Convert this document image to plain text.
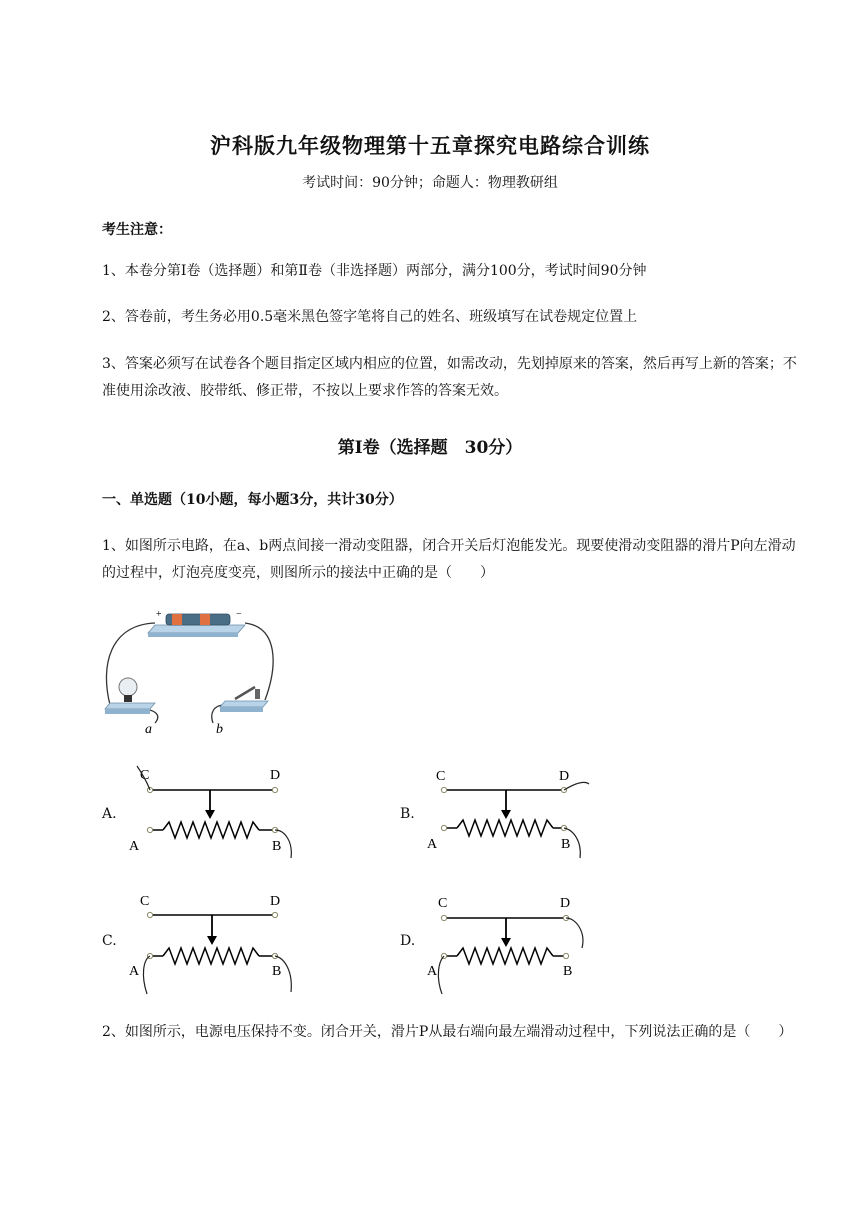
沪科版九年级物理第十五章探究电路综合训练
考试时间：90分钟；命题人：物理教研组
考生注意：
1、本卷分第Ⅰ卷（选择题）和第Ⅱ卷（非选择题）两部分，满分100分，考试时间90分钟
2、答卷前，考生务必用0.5毫米黑色签字笔将自己的姓名、班级填写在试卷规定位置上
3、答案必须写在试卷各个题目指定区域内相应的位置，如需改动，先划掉原来的答案，然后再写上新的答案；不准使用涂改液、胶带纸、修正带，不按以上要求作答的答案无效。
第Ⅰ卷（选择题　30分）
一、单选题（10小题，每小题3分，共计30分）
1、如图所示电路，在a、b两点间接一滑动变阻器，闭合开关后灯泡能发光。现要使滑动变阻器的滑片P向左滑动的过程中，灯泡亮度变亮，则图所示的接法中正确的是（　　）
+	−
a	b
A.
C	D
A	B
B.
C	D
A	B
C.
C	D
A	B
D.
C	D
A	B
2、如图所示，电源电压保持不变。闭合开关，滑片P从最右端向最左端滑动过程中，下列说法正确的是（　　）
